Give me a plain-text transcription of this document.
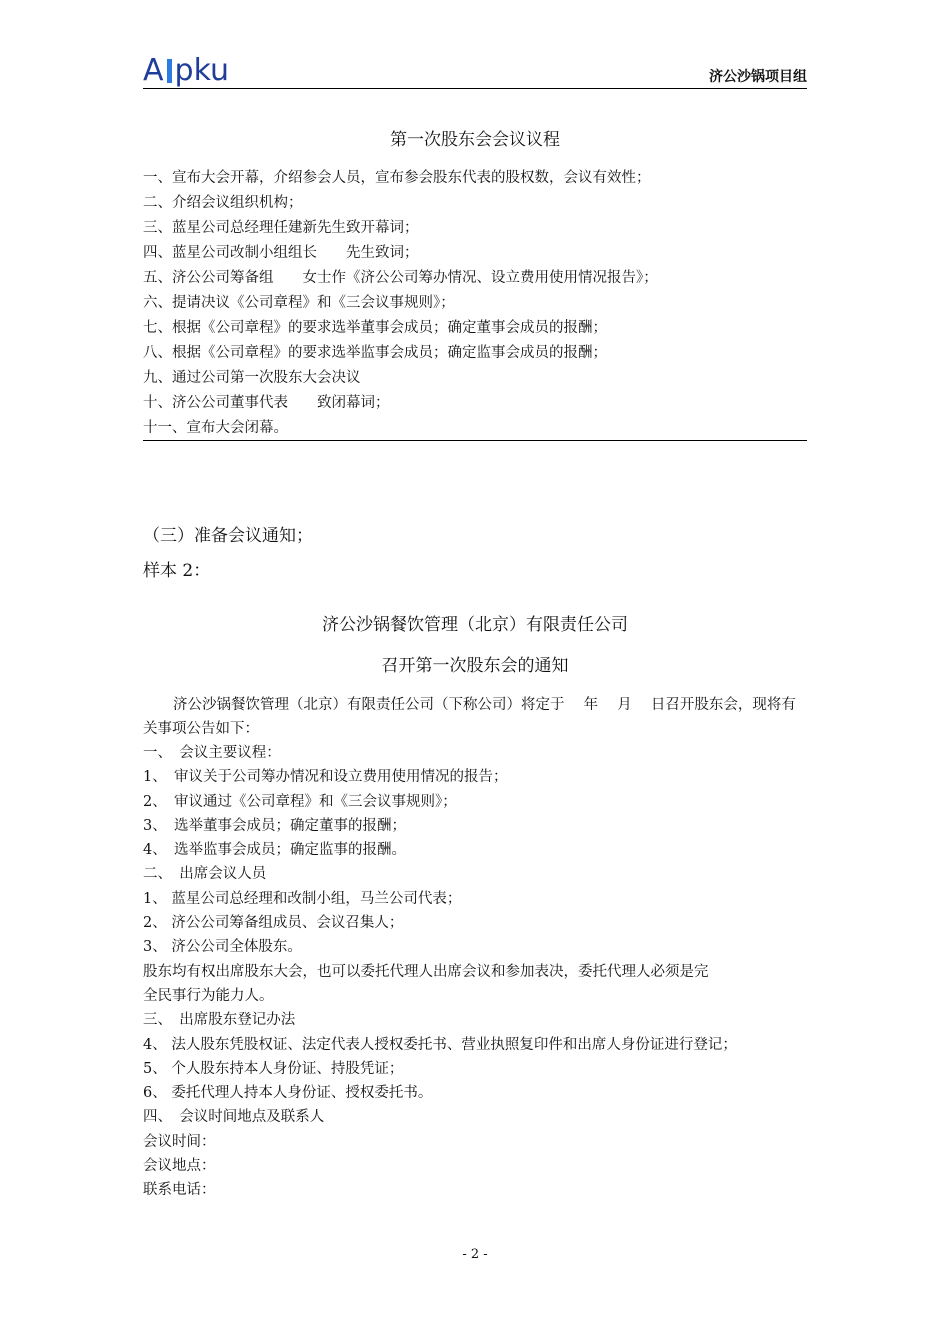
A pku	济公沙锅项目组
第一次股东会会议议程
一、宣布大会开幕，介绍参会人员，宣布参会股东代表的股权数，会议有效性；
二、介绍会议组织机构；
三、蓝星公司总经理任建新先生致开幕词；
四、蓝星公司改制小组组长　　先生致词；
五、济公公司筹备组　　女士作《济公公司筹办情况、设立费用使用情况报告》；
六、提请决议《公司章程》和《三会议事规则》；
七、根据《公司章程》的要求选举董事会成员；确定董事会成员的报酬；
八、根据《公司章程》的要求选举监事会成员；确定监事会成员的报酬；
九、通过公司第一次股东大会决议
十、济公公司董事代表　　致闭幕词；
十一、宣布大会闭幕。
（三）准备会议通知；
样本 2：
济公沙锅餐饮管理（北京）有限责任公司
召开第一次股东会的通知

济公沙锅餐饮管理（北京）有限责任公司（下称公司）将定于　 年　 月　 日召开股东会，现将有关事项公告如下：

一、　会议主要议程：
1、　审议关于公司筹办情况和设立费用使用情况的报告；
2、　审议通过《公司章程》和《三会议事规则》；
3、　选举董事会成员；确定董事的报酬；
4、　选举监事会成员；确定监事的报酬。
二、　出席会议人员
1、 蓝星公司总经理和改制小组，马兰公司代表；
2、 济公公司筹备组成员、会议召集人；
3、 济公公司全体股东。
股东均有权出席股东大会，也可以委托代理人出席会议和参加表决，委托代理人必须是完
全民事行为能力人。
三、　出席股东登记办法
4、 法人股东凭股权证、法定代表人授权委托书、营业执照复印件和出席人身份证进行登记；
5、 个人股东持本人身份证、持股凭证；
6、 委托代理人持本人身份证、授权委托书。
四、　会议时间地点及联系人
会议时间：
会议地点：
联系电话：
- 2 -
